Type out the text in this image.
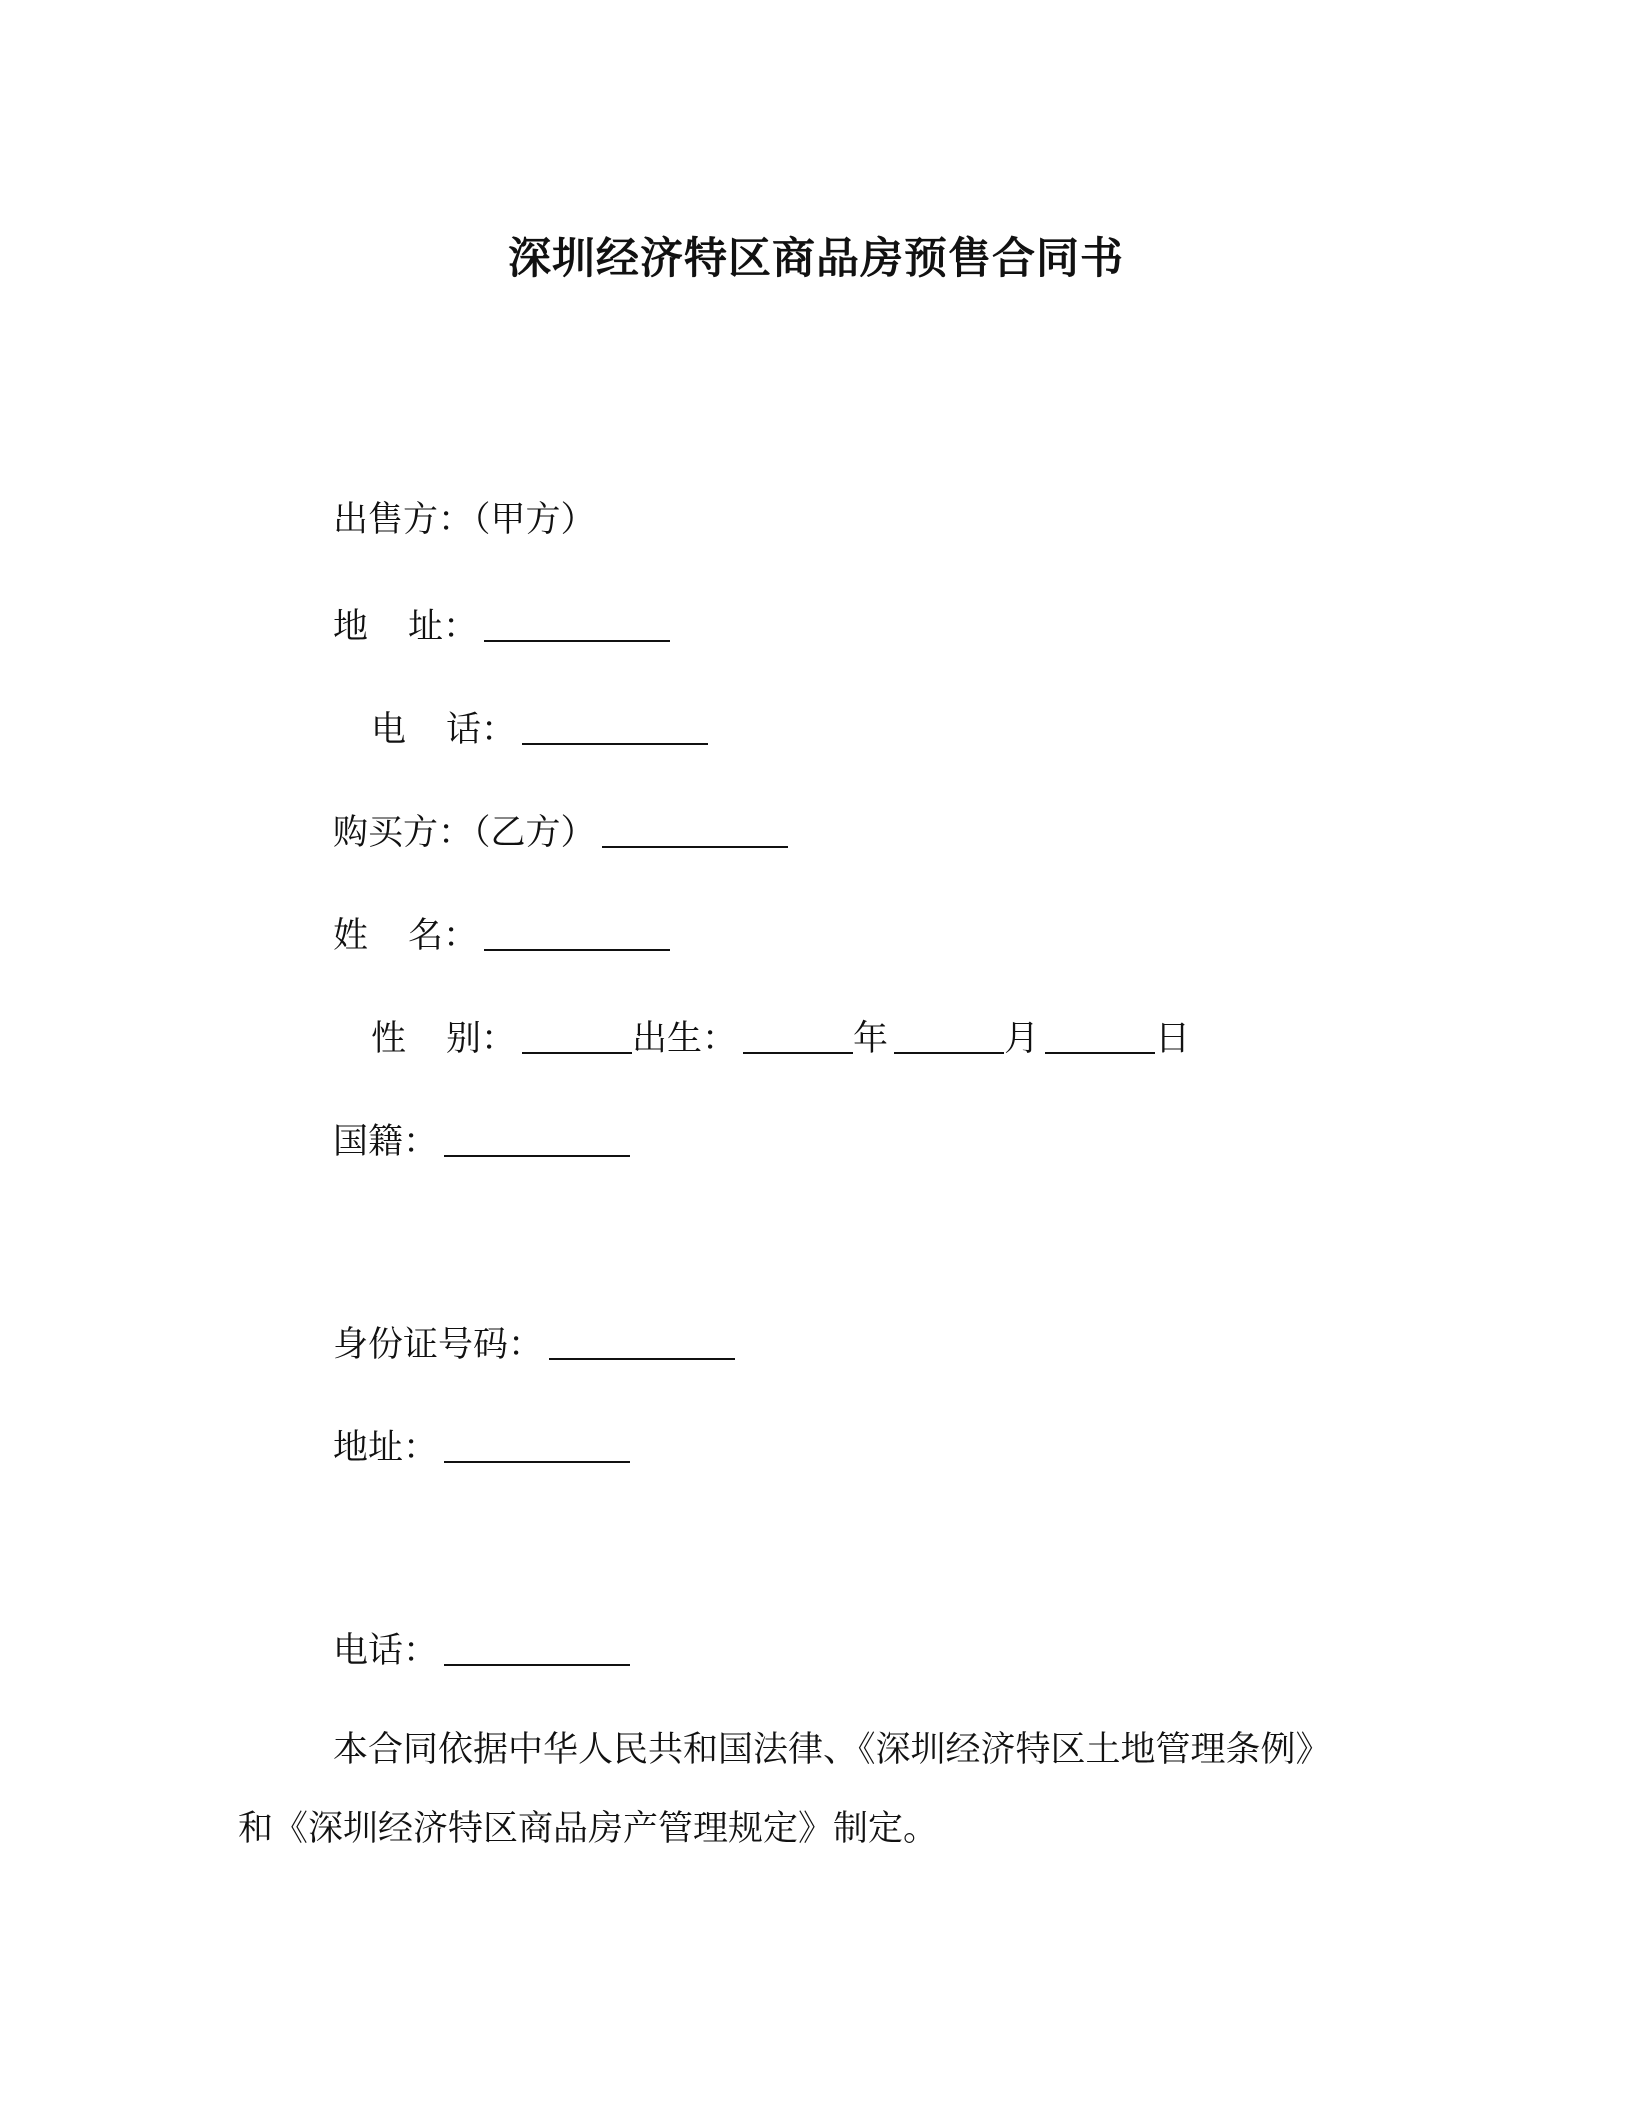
深圳经济特区商品房预售合同书
出售方：（甲方）
地 址：
电 话：
购买方：（乙方）
姓 名：
性 别：	出生：	年	月	日
国籍：
身份证号码：
地址：
电话：
本合同依据中华人民共和国法律、《深圳经济特区土地管理条例》
和《深圳经济特区商品房产管理规定》制定。
